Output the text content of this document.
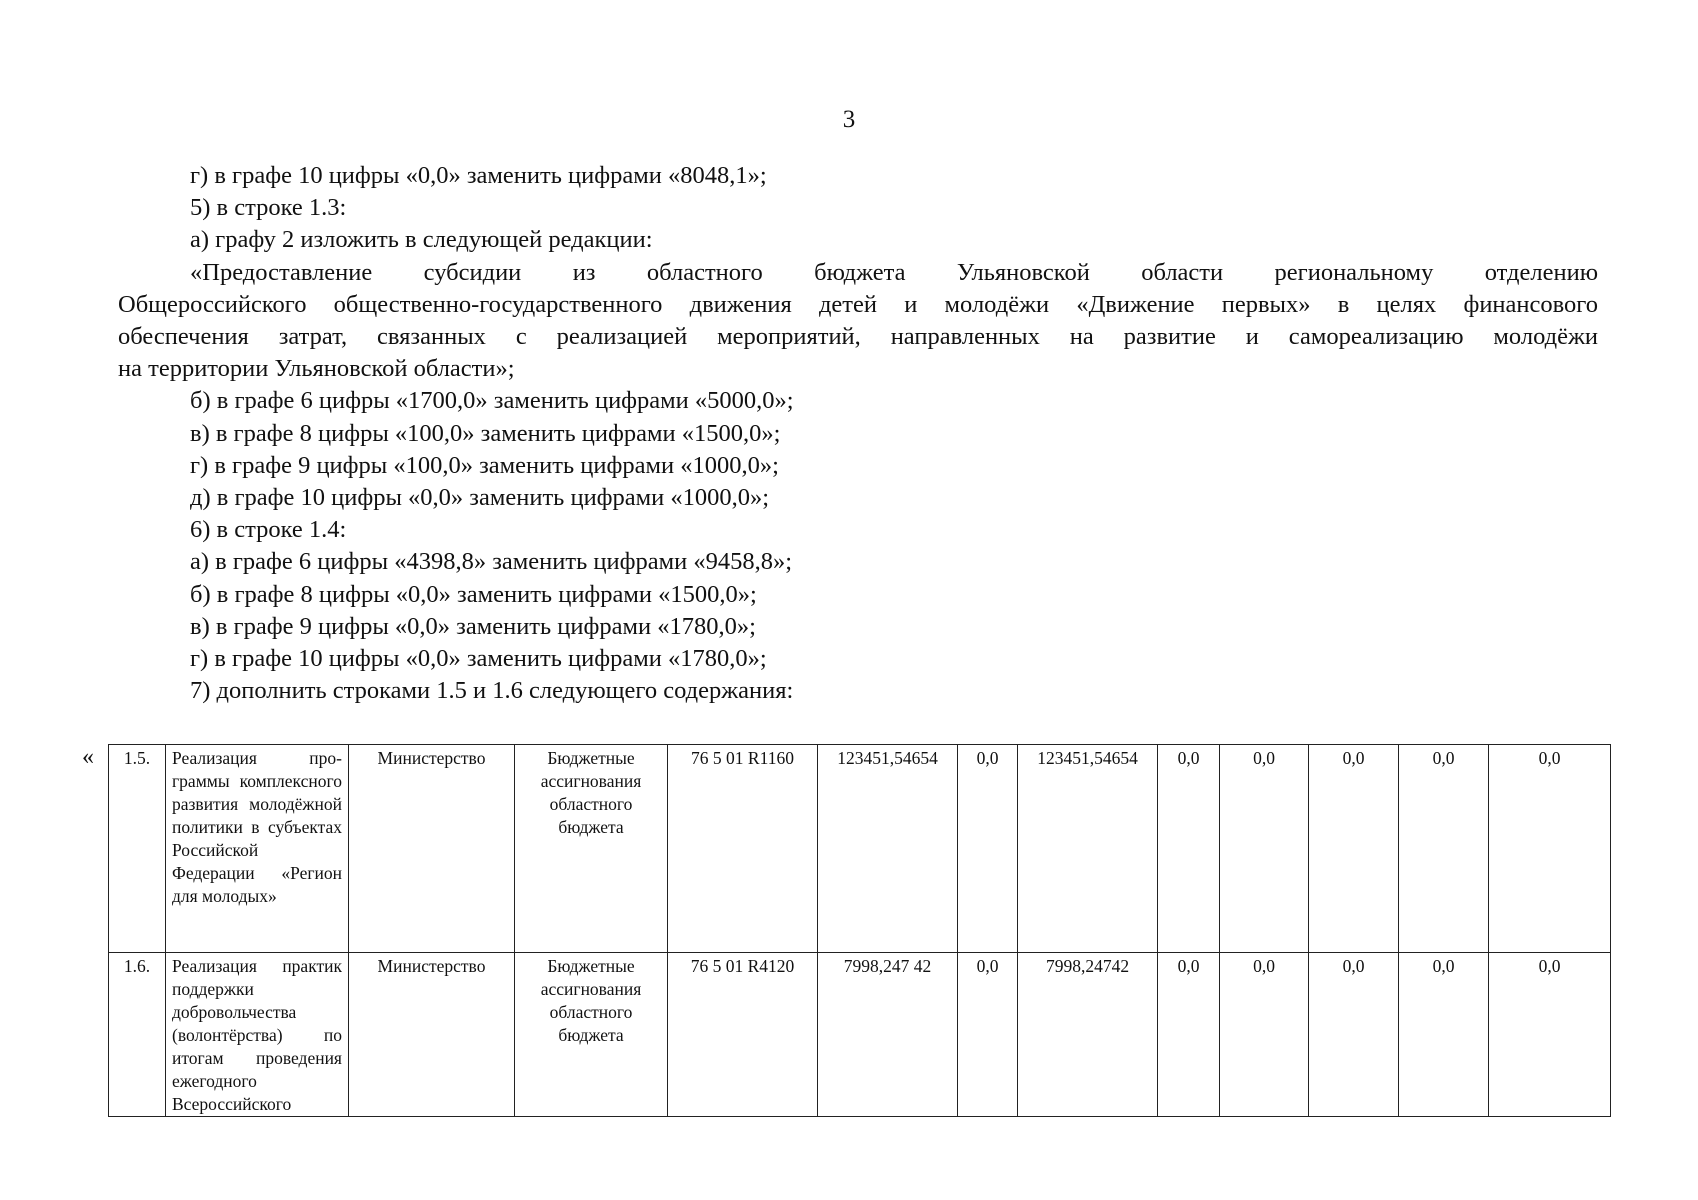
3

г) в графе 10 цифры «0,0» заменить цифрами «8048,1»;

5) в строке 1.3:

а) графу 2 изложить в следующей редакции:

«Предоставление субсидии из областного бюджета Ульяновской области региональному отделению

Общероссийского общественно-государственного движения детей и молодёжи «Движение первых» в целях финансового

обеспечения затрат, связанных с реализацией мероприятий, направленных на развитие и самореализацию молодёжи

на территории Ульяновской области»;

б) в графе 6 цифры «1700,0» заменить цифрами «5000,0»;

в) в графе 8 цифры «100,0» заменить цифрами «1500,0»;

г) в графе 9 цифры «100,0» заменить цифрами «1000,0»;

д) в графе 10 цифры «0,0» заменить цифрами «1000,0»;

6) в строке 1.4:

а) в графе 6 цифры «4398,8» заменить цифрами «9458,8»;

б) в графе 8 цифры «0,0» заменить цифрами «1500,0»;

в) в графе 9 цифры «0,0» заменить цифрами «1780,0»;

г) в графе 10 цифры «0,0» заменить цифрами «1780,0»;

7) дополнить строками 1.5 и 1.6 следующего содержания:

« 1.5.	Реализация программы комплексного развития молодёжной политики в субъектах Российской Федерации «Регион для молодых»	Министерство	Бюджетные ассигнования областного бюджета	76 5 01 R1160	123451,54654	0,0	123451,54654	0,0	0,0	0,0	0,0	0,0
1.6.	Реализация практик поддержки добровольчества (волонтёрства) по итогам проведения ежегодного Всероссийского	Министерство	Бюджетные ассигнования областного бюджета	76 5 01 R4120	7998,247 42	0,0	7998,24742	0,0	0,0	0,0	0,0	0,0
